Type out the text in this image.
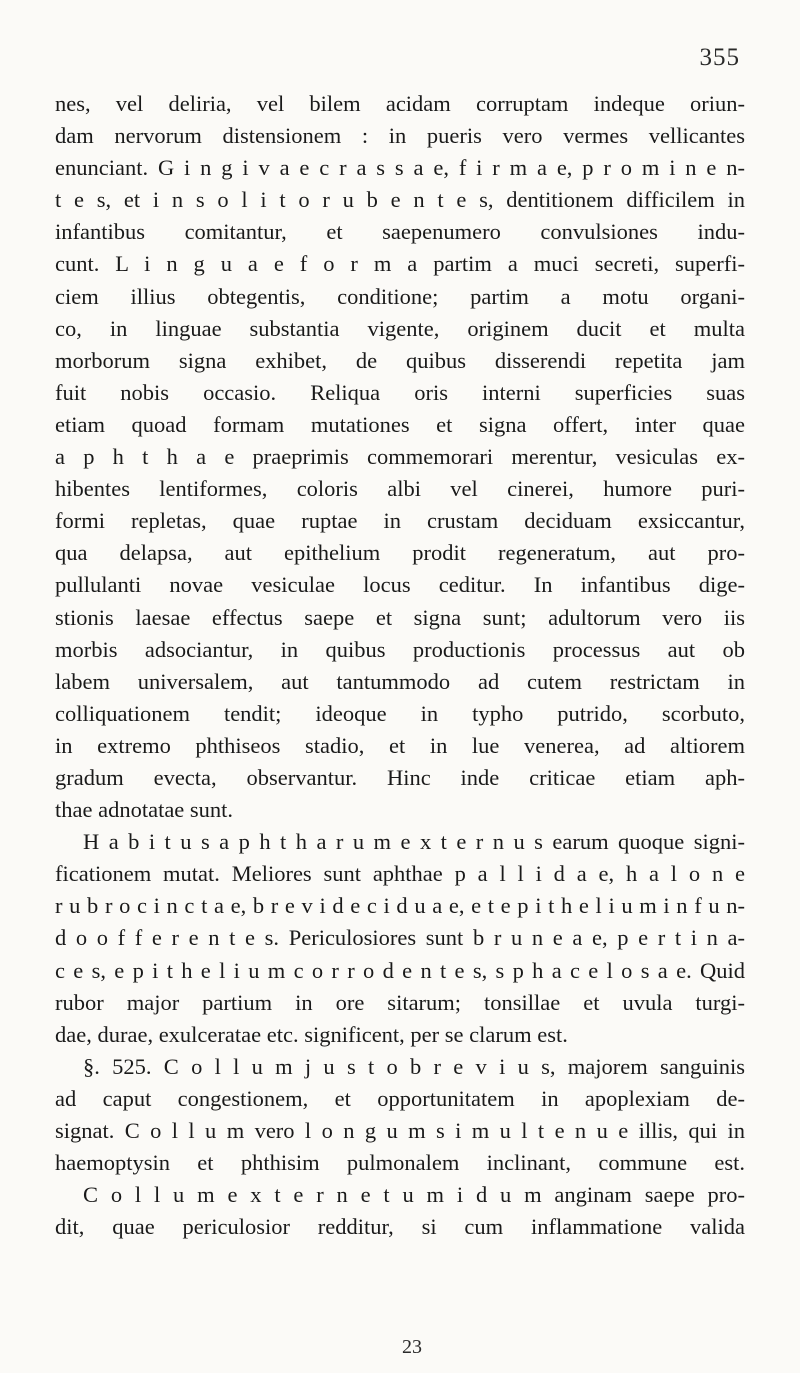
355
nes, vel deliria, vel bilem acidam corruptam indeque oriun-
dam nervorum distensionem : in pueris vero vermes vellicantes
enunciant. G i n g i v a e c r a s s a e, f i r m a e, p r o m i n e n-
t e s, et i n s o l i t o r u b e n t e s, dentitionem difficilem in
infantibus comitantur, et saepenumero convulsiones indu-
cunt. L i n g u a e f o r m a partim a muci secreti, superfi-
ciem illius obtegentis, conditione; partim a motu organi-
co, in linguae substantia vigente, originem ducit et multa
morborum signa exhibet, de quibus disserendi repetita jam
fuit nobis occasio. Reliqua oris interni superficies suas
etiam quoad formam mutationes et signa offert, inter quae
a p h t h a e praeprimis commemorari merentur, vesiculas ex-
hibentes lentiformes, coloris albi vel cinerei, humore puri-
formi repletas, quae ruptae in crustam deciduam exsiccantur,
qua delapsa, aut epithelium prodit regeneratum, aut pro-
pullulanti novae vesiculae locus ceditur. In infantibus dige-
stionis laesae effectus saepe et signa sunt; adultorum vero iis
morbis adsociantur, in quibus productionis processus aut ob
labem universalem, aut tantummodo ad cutem restrictam in
colliquationem tendit; ideoque in typho putrido, scorbuto,
in extremo phthiseos stadio, et in lue venerea, ad altiorem
gradum evecta, observantur. Hinc inde criticae etiam aph-
thae adnotatae sunt.
H a b i t u s a p h t h a r u m e x t e r n u s earum quoque signi-
ficationem mutat. Meliores sunt aphthae p a l l i d a e, h a l o n e
r u b r o c i n c t a e, b r e v i d e c i d u a e, e t e p i t h e l i u m i n f u n-
d o o f f e r e n t e s. Periculosiores sunt b r u n e a e, p e r t i n a-
c e s, e p i t h e l i u m c o r r o d e n t e s, s p h a c e l o s a e. Quid
rubor major partium in ore sitarum; tonsillae et uvula turgi-
dae, durae, exulceratae etc. significent, per se clarum est.
§. 525. C o l l u m j u s t o b r e v i u s, majorem sanguinis
ad caput congestionem, et opportunitatem in apoplexiam de-
signat. C o l l u m vero l o n g u m s i m u l t e n u e illis, qui in
haemoptysin et phthisim pulmonalem inclinant, commune est.
C o l l u m e x t e r n e t u m i d u m anginam saepe pro-
dit, quae periculosior redditur, si cum inflammatione valida
23
